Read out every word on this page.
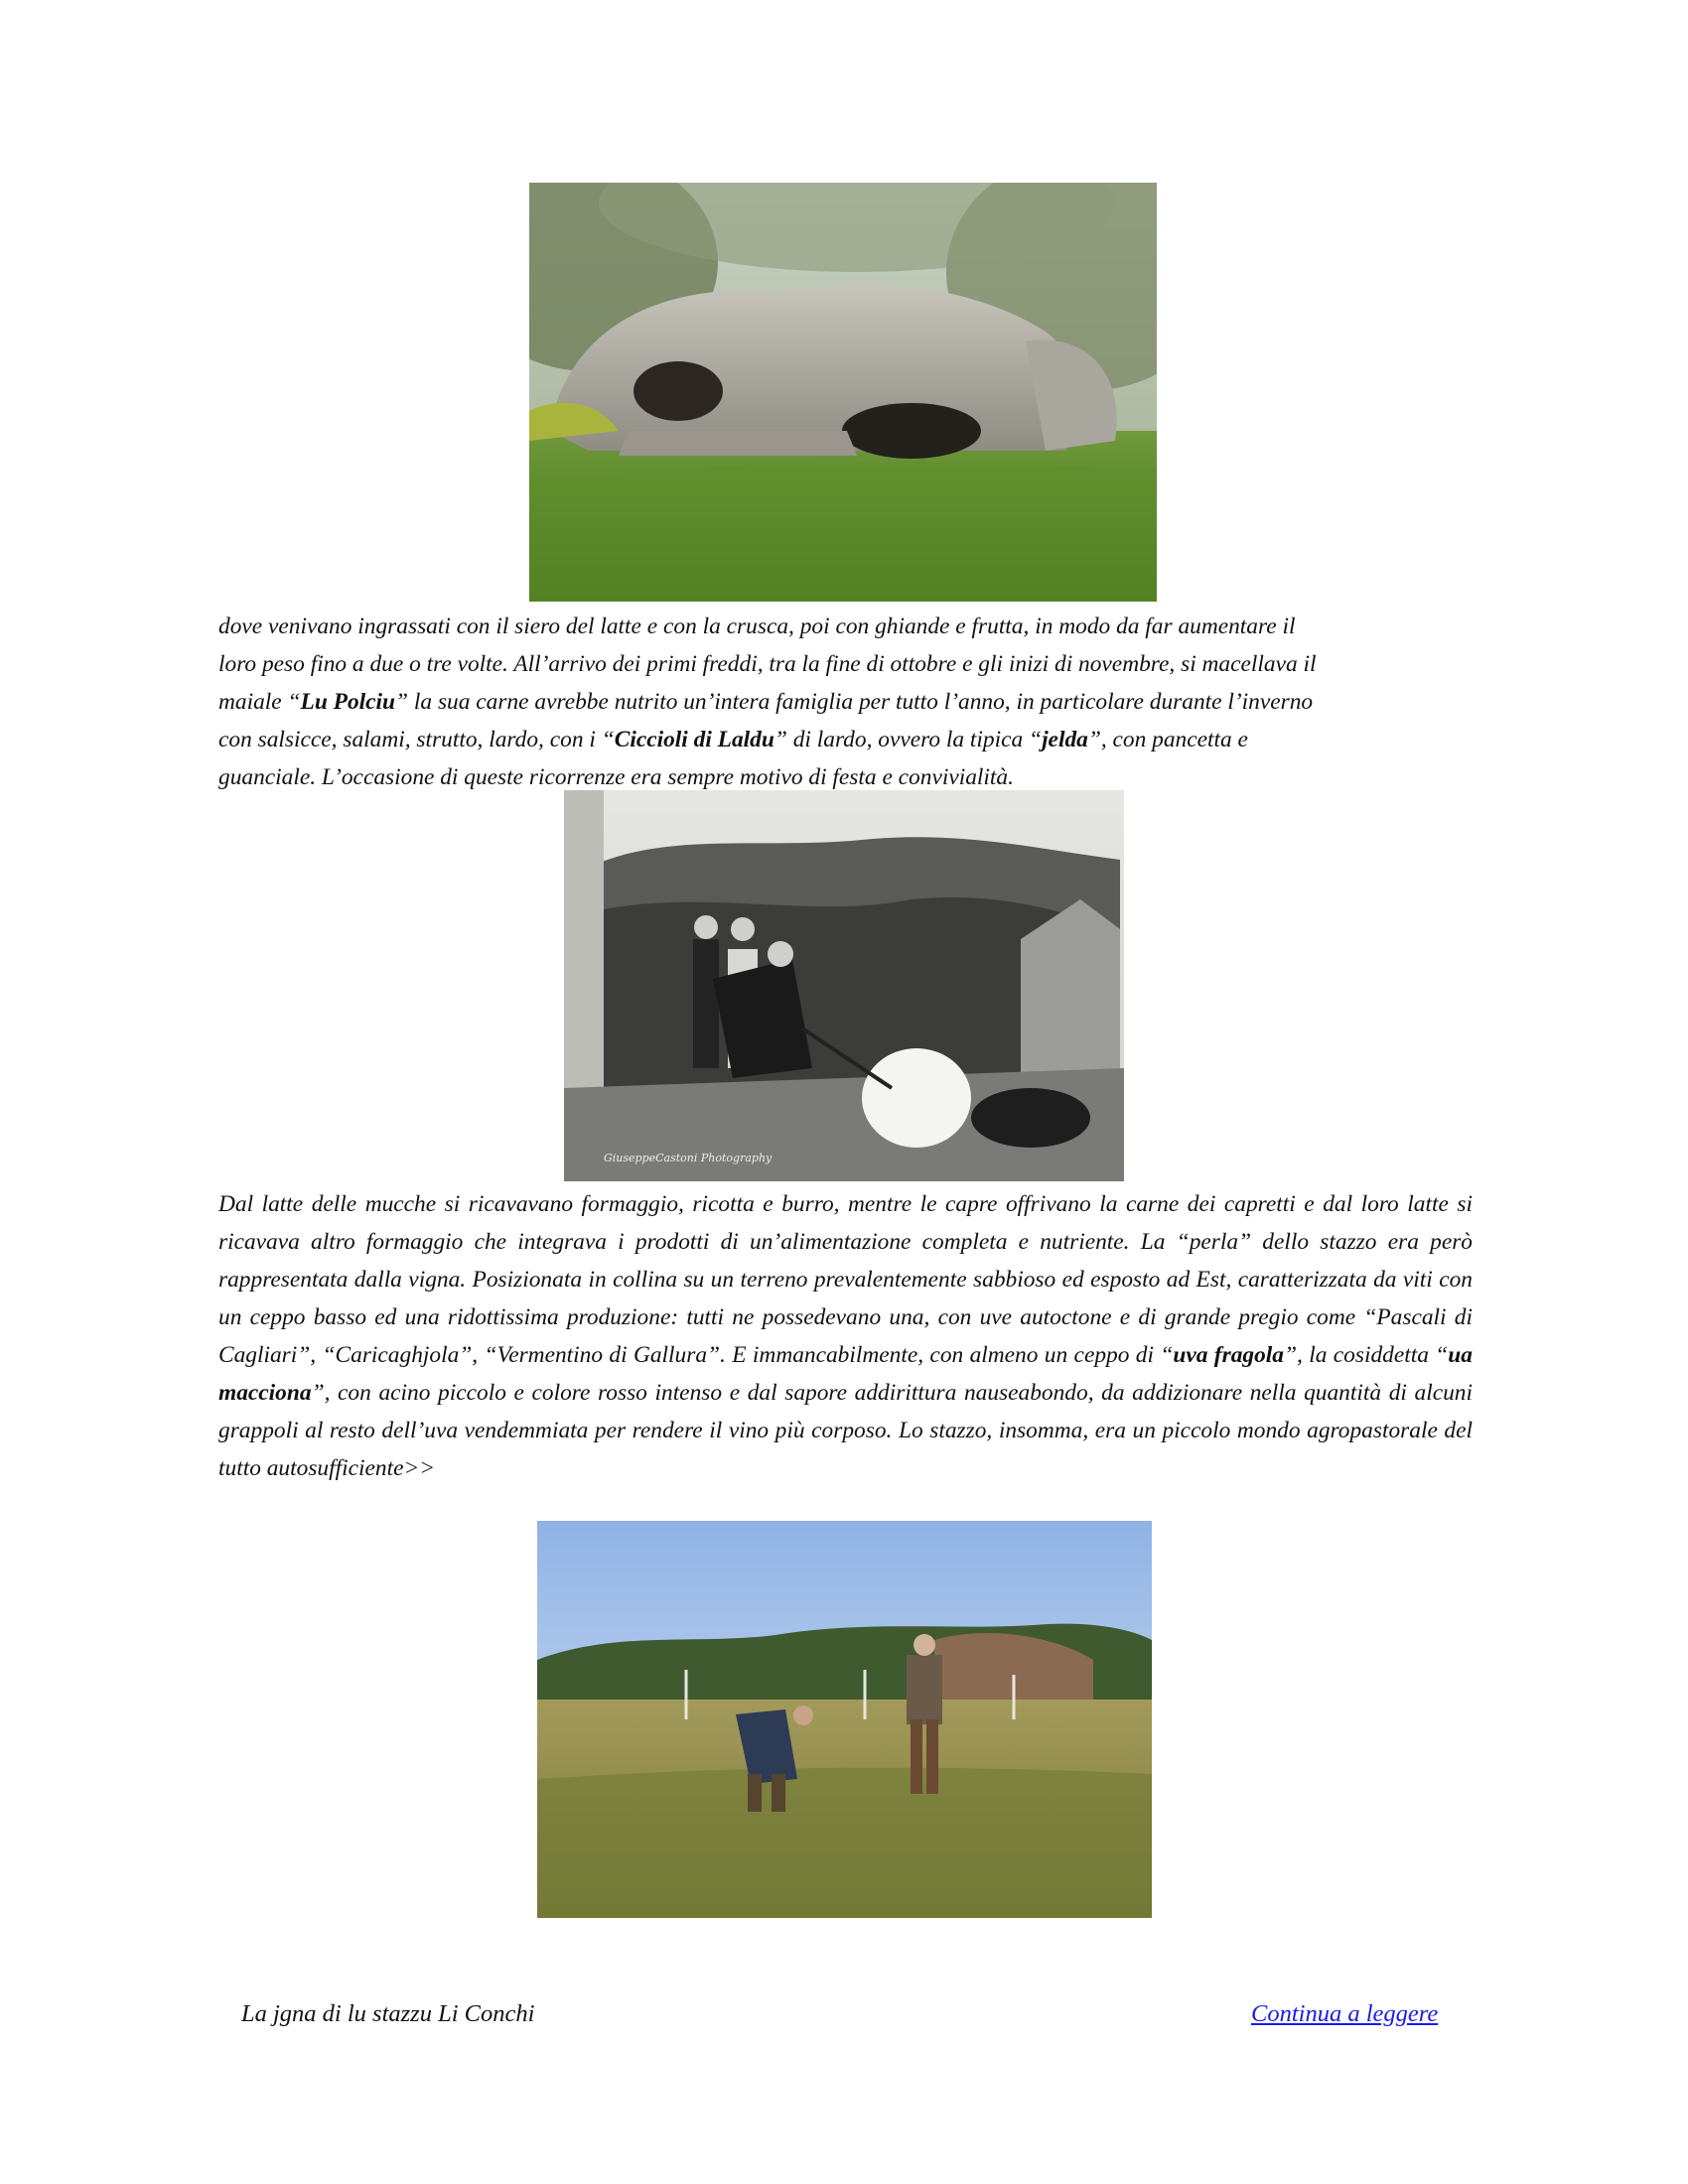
dove venivano ingrassati con il siero del latte e con la crusca, poi con ghiande e frutta, in modo da far aumentare il
loro peso fino a due o tre volte. All’arrivo dei primi freddi, tra la fine di ottobre e gli inizi di novembre, si macellava il
maiale “Lu Polciu” la sua carne avrebbe nutrito un’intera famiglia per tutto l’anno, in particolare durante l’inverno
con salsicce, salami, strutto, lardo, con i “Ciccioli di Laldu” di lardo, ovvero la tipica “jelda”, con pancetta e
guanciale. L’occasione di queste ricorrenze era sempre motivo di festa e convivialità.

GiuseppeCastoni Photography

Dal latte delle mucche si ricavavano formaggio, ricotta e burro, mentre le capre offrivano la carne dei capretti e dal loro latte si ricavava altro formaggio che integrava i prodotti di un’alimentazione completa e nutriente. La “perla” dello stazzo era però rappresentata dalla vigna. Posizionata in collina su un terreno prevalentemente sabbioso ed esposto ad Est, caratterizzata da viti con un ceppo basso ed una ridottissima produzione: tutti ne possedevano una, con uve autoctone e di grande pregio come “Pascali di Cagliari”, “Caricaghjola”, “Vermentino di Gallura”. E immancabilmente, con almeno un ceppo di “uva fragola”, la cosiddetta “ua macciona”, con acino piccolo e colore rosso intenso e dal sapore addirittura nauseabondo, da addizionare nella quantità di alcuni grappoli al resto dell’uva vendemmiata per rendere il vino più corposo. Lo stazzo, insomma, era un piccolo mondo agropastorale del tutto autosufficiente>>

La jgna di lu stazzu Li Conchi	Continua a leggere
